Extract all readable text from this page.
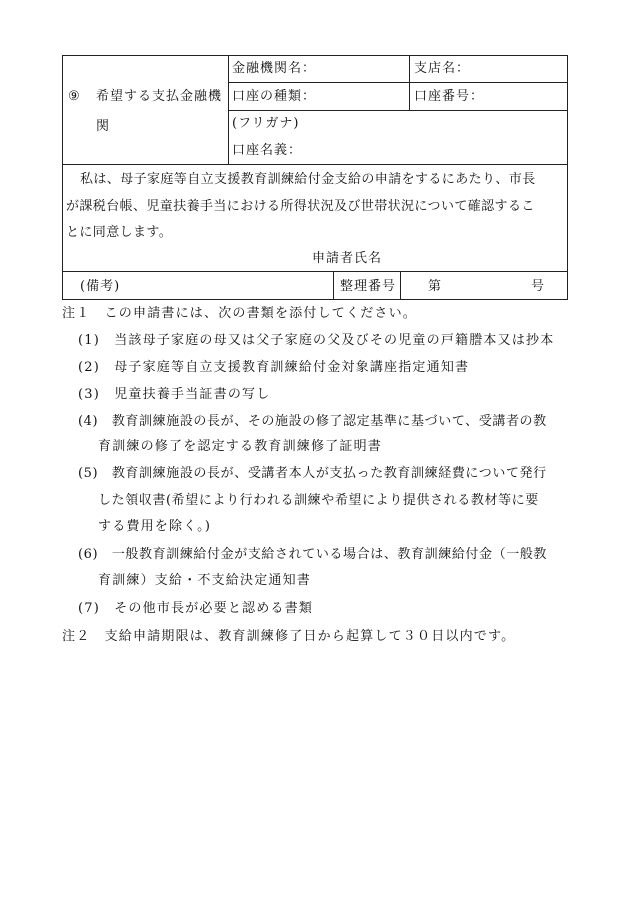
⑨ 希望する支払金融機
関
金融機関名：	支店名：
口座の種類：	口座番号：
(フリガナ)
口座名義：
私は、母子家庭等自立支援教育訓練給付金支給の申請をするにあたり、市長
が課税台帳、児童扶養手当における所得状況及び世帯状況について確認するこ
とに同意します。
申請者氏名
(備考)	整理番号 第	号
注１　この申請書には、次の書類を添付してください。
(1)　当該母子家庭の母又は父子家庭の父及びその児童の戸籍謄本又は抄本
(2)　母子家庭等自立支援教育訓練給付金対象講座指定通知書
(3)　児童扶養手当証書の写し
(4)　教育訓練施設の長が、その施設の修了認定基準に基づいて、受講者の教
育訓練の修了を認定する教育訓練修了証明書
(5)　教育訓練施設の長が、受講者本人が支払った教育訓練経費について発行
した領収書(希望により行われる訓練や希望により提供される教材等に要
する費用を除く。)
(6)　一般教育訓練給付金が支給されている場合は、教育訓練給付金（一般教
育訓練）支給・不支給決定通知書
(7)　その他市長が必要と認める書類
注２　支給申請期限は、教育訓練修了日から起算して３０日以内です。
